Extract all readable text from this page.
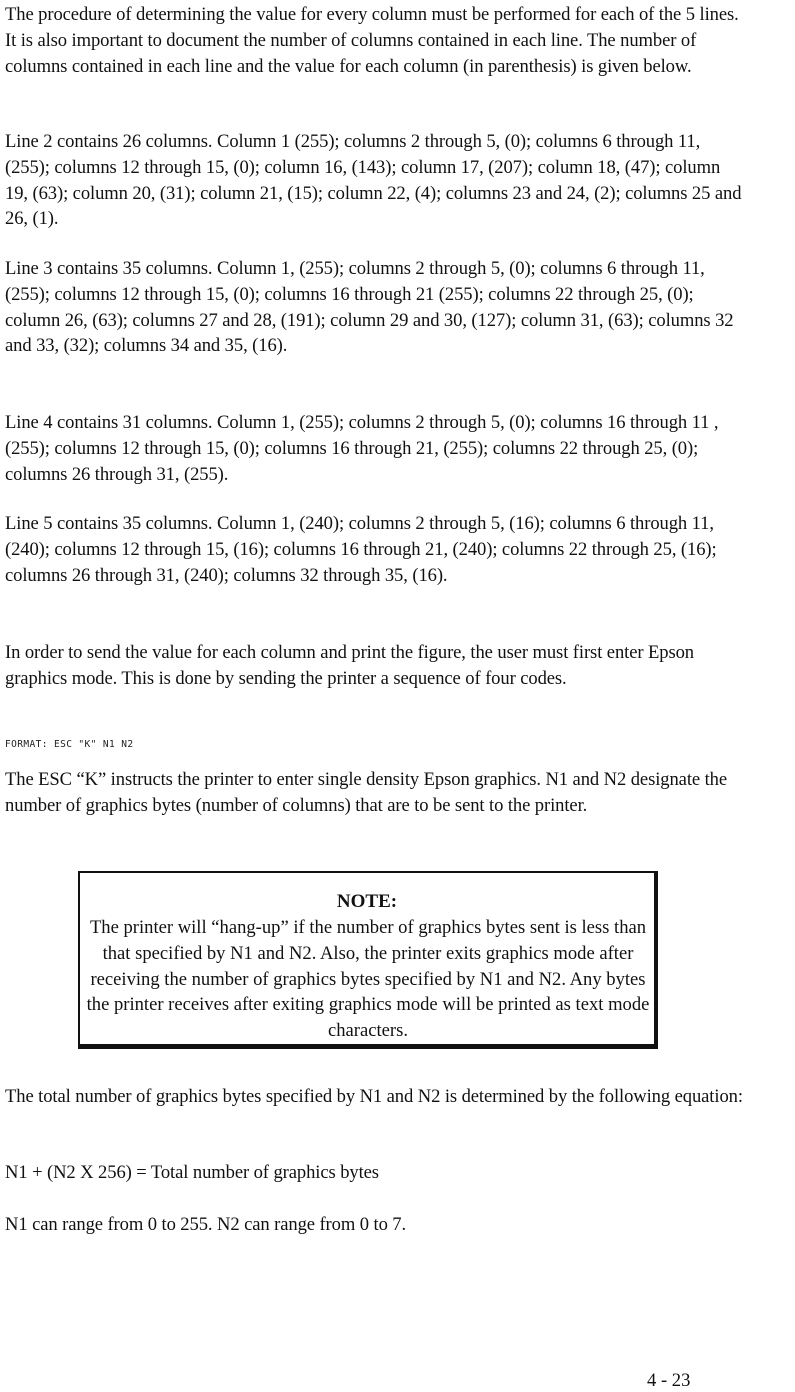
The procedure of determining the value for every column must be performed for each of the 5 lines. It is also important to document the number of columns contained in each line. The number of columns contained in each line and the value for each column (in parenthesis) is given below.

Line 2 contains 26 columns. Column 1 (255); columns 2 through 5, (0); columns 6 through 11, (255); columns 12 through 15, (0); column 16, (143); column 17, (207); column 18, (47); column 19, (63); column 20, (31); column 21, (15); column 22, (4); columns 23 and 24, (2); columns 25 and 26, (1).

Line 3 contains 35 columns. Column 1, (255); columns 2 through 5, (0); columns 6 through 11, (255); columns 12 through 15, (0); columns 16 through 21 (255); columns 22 through 25, (0); column 26, (63); columns 27 and 28, (191); column 29 and 30, (127); column 31, (63); columns 32 and 33, (32); columns 34 and 35, (16).

Line 4 contains 31 columns. Column 1, (255); columns 2 through 5, (0); columns 16 through 11 , (255); columns 12 through 15, (0); columns 16 through 21, (255); columns 22 through 25, (0); columns 26 through 31, (255).

Line 5 contains 35 columns. Column 1, (240); columns 2 through 5, (16); columns 6 through 11, (240); columns 12 through 15, (16); columns 16 through 21, (240); columns 22 through 25, (16); columns 26 through 31, (240); columns 32 through 35, (16).

In order to send the value for each column and print the figure, the user must first enter Epson graphics mode. This is done by sending the printer a sequence of four codes.

FORMAT: ESC "K" N1 N2

The ESC “K” instructs the printer to enter single density Epson graphics. N1 and N2 designate the number of graphics bytes (number of columns) that are to be sent to the printer.

NOTE:

The printer will “hang-up” if the number of graphics bytes sent is less than that specified by N1 and N2. Also, the printer exits graphics mode after receiving the number of graphics bytes specified by N1 and N2. Any bytes the printer receives after exiting graphics mode will be printed as text mode characters.

The total number of graphics bytes specified by N1 and N2 is determined by the following equation:

N1 + (N2 X 256) = Total number of graphics bytes

N1 can range from 0 to 255. N2 can range from 0 to 7.

4 - 23
